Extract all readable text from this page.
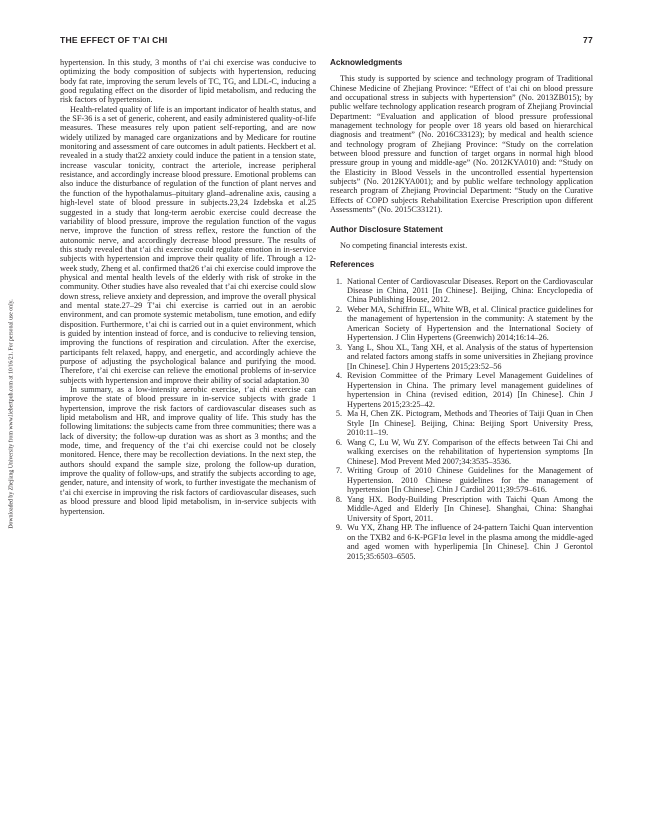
THE EFFECT OF T’AI CHI	77
Downloaded by Zhejiang University from www.liebertpub.com at 10/16/21. For personal use only.

hypertension. In this study, 3 months of t’ai chi exercise was conducive to optimizing the body composition of subjects with hypertension, reducing body fat rate, improving the serum levels of TC, TG, and LDL-C, inducing a good regulating effect on the disorder of lipid metabolism, and reducing the risk factors of hypertension.

Health-related quality of life is an important indicator of health status, and the SF-36 is a set of generic, coherent, and easily administered quality-of-life measures. These measures rely upon patient self-reporting, and are now widely utilized by managed care organizations and by Medicare for routine monitoring and assessment of care outcomes in adult patients. Heckbert et al. revealed in a study that22 anxiety could induce the patient in a tension state, increase vascular tonicity, contract the arteriole, increase peripheral resistance, and accordingly increase blood pressure. Emotional problems can also induce the disturbance of regulation of the function of plant nerves and the function of the hypothalamus–pituitary gland–adrenaline axis, causing a high-level state of blood pressure in subjects.23,24 Izdebska et al.25 suggested in a study that long-term aerobic exercise could decrease the variability of blood pressure, improve the regulation function of the vagus nerve, improve the function of stress reflex, restore the function of the autonomic nerve, and accordingly decrease blood pressure. The results of this study revealed that t’ai chi exercise could regulate emotion in in-service subjects with hypertension and improve their quality of life. Through a 12-week study, Zheng et al. confirmed that26 t’ai chi exercise could improve the physical and mental health levels of the elderly with risk of stroke in the community. Other studies have also revealed that t’ai chi exercise could slow down stress, relieve anxiety and depression, and improve the overall physical and mental state.27–29 T’ai chi exercise is carried out in an aerobic environment, and can promote systemic metabolism, tune emotion, and edify disposition. Furthermore, t’ai chi is carried out in a quiet environment, which is guided by intention instead of force, and is conducive to relieving tension, improving the functions of respiration and circulation. After the exercise, participants felt relaxed, happy, and energetic, and accordingly achieve the purpose of adjusting the psychological balance and purifying the mood. Therefore, t’ai chi exercise can relieve the emotional problems of in-service subjects with hypertension and improve their ability of social adaptation.30

In summary, as a low-intensity aerobic exercise, t’ai chi exercise can improve the state of blood pressure in in-service subjects with grade 1 hypertension, improve the risk factors of cardiovascular diseases such as lipid metabolism and HR, and improve quality of life. This study has the following limitations: the subjects came from three communities; there was a lack of diversity; the follow-up duration was as short as 3 months; and the mode, time, and frequency of the t’ai chi exercise could not be closely monitored. Hence, there may be recollection deviations. In the next step, the authors should expand the sample size, prolong the follow-up duration, improve the quality of follow-ups, and stratify the subjects according to age, gender, nature, and intensity of work, to further investigate the mechanism of t’ai chi exercise in improving the risk factors of cardiovascular diseases, such as blood pressure and blood lipid metabolism, in in-service subjects with hypertension.

Acknowledgments

This study is supported by science and technology program of Traditional Chinese Medicine of Zhejiang Province: “Effect of t’ai chi on blood pressure and occupational stress in subjects with hypertension” (No. 2013ZB015); by public welfare technology application research program of Zhejiang Provincial Department: “Evaluation and application of blood pressure professional management technology for people over 18 years old based on hierarchical diagnosis and treatment” (No. 2016C33123); by medical and health science and technology program of Zhejiang Province: “Study on the correlation between blood pressure and function of target organs in normal high blood pressure group in young and middle-age” (No. 2012KYA010) and: “Study on the Elasticity in Blood Vessels in the uncontrolled essential hypertension subjects” (No. 2012KYA001); and by public welfare technology application research program of Zhejiang Provincial Department: “Study on the Curative Effects of COPD subjects Rehabilitation Exercise Prescription upon different Assessments” (No. 2015C33121).

Author Disclosure Statement

No competing financial interests exist.

References
1. National Center of Cardiovascular Diseases. Report on the Cardiovascular Disease in China, 2011 [In Chinese]. Beijing, China: Encyclopedia of China Publishing House, 2012.
2. Weber MA, Schiffrin EL, White WB, et al. Clinical practice guidelines for the management of hypertension in the community: A statement by the American Society of Hypertension and the International Society of Hypertension. J Clin Hypertens (Greenwich) 2014;16:14–26.
3. Yang L, Shou XL, Tang XH, et al. Analysis of the status of hypertension and related factors among staffs in some universities in Zhejiang province [In Chinese]. Chin J Hypertens 2015;23:52–56
4. Revision Committee of the Primary Level Management Guidelines of Hypertension in China. The primary level management guidelines of hypertension in China (revised edition, 2014) [In Chinese]. Chin J Hypertens 2015;23:25–42.
5. Ma H, Chen ZK. Pictogram, Methods and Theories of Taiji Quan in Chen Style [In Chinese]. Beijing, China: Beijing Sport University Press, 2010:11–19.
6. Wang C, Lu W, Wu ZY. Comparison of the effects between Tai Chi and walking exercises on the rehabilitation of hypertension symptoms [In Chinese]. Mod Prevent Med 2007;34:3535–3536.
7. Writing Group of 2010 Chinese Guidelines for the Management of Hypertension. 2010 Chinese guidelines for the management of hypertension [In Chinese]. Chin J Cardiol 2011;39:579–616.
8. Yang HX. Body-Building Prescription with Taichi Quan Among the Middle-Aged and Elderly [In Chinese]. Shanghai, China: Shanghai University of Sport, 2011.
9. Wu YX, Zhang HP. The influence of 24-pattern Taichi Quan intervention on the TXB2 and 6-K-PGF1α level in the plasma among the middle-aged and aged women with hyperlipemia [In Chinese]. Chin J Gerontol 2015;35:6503–6505.
